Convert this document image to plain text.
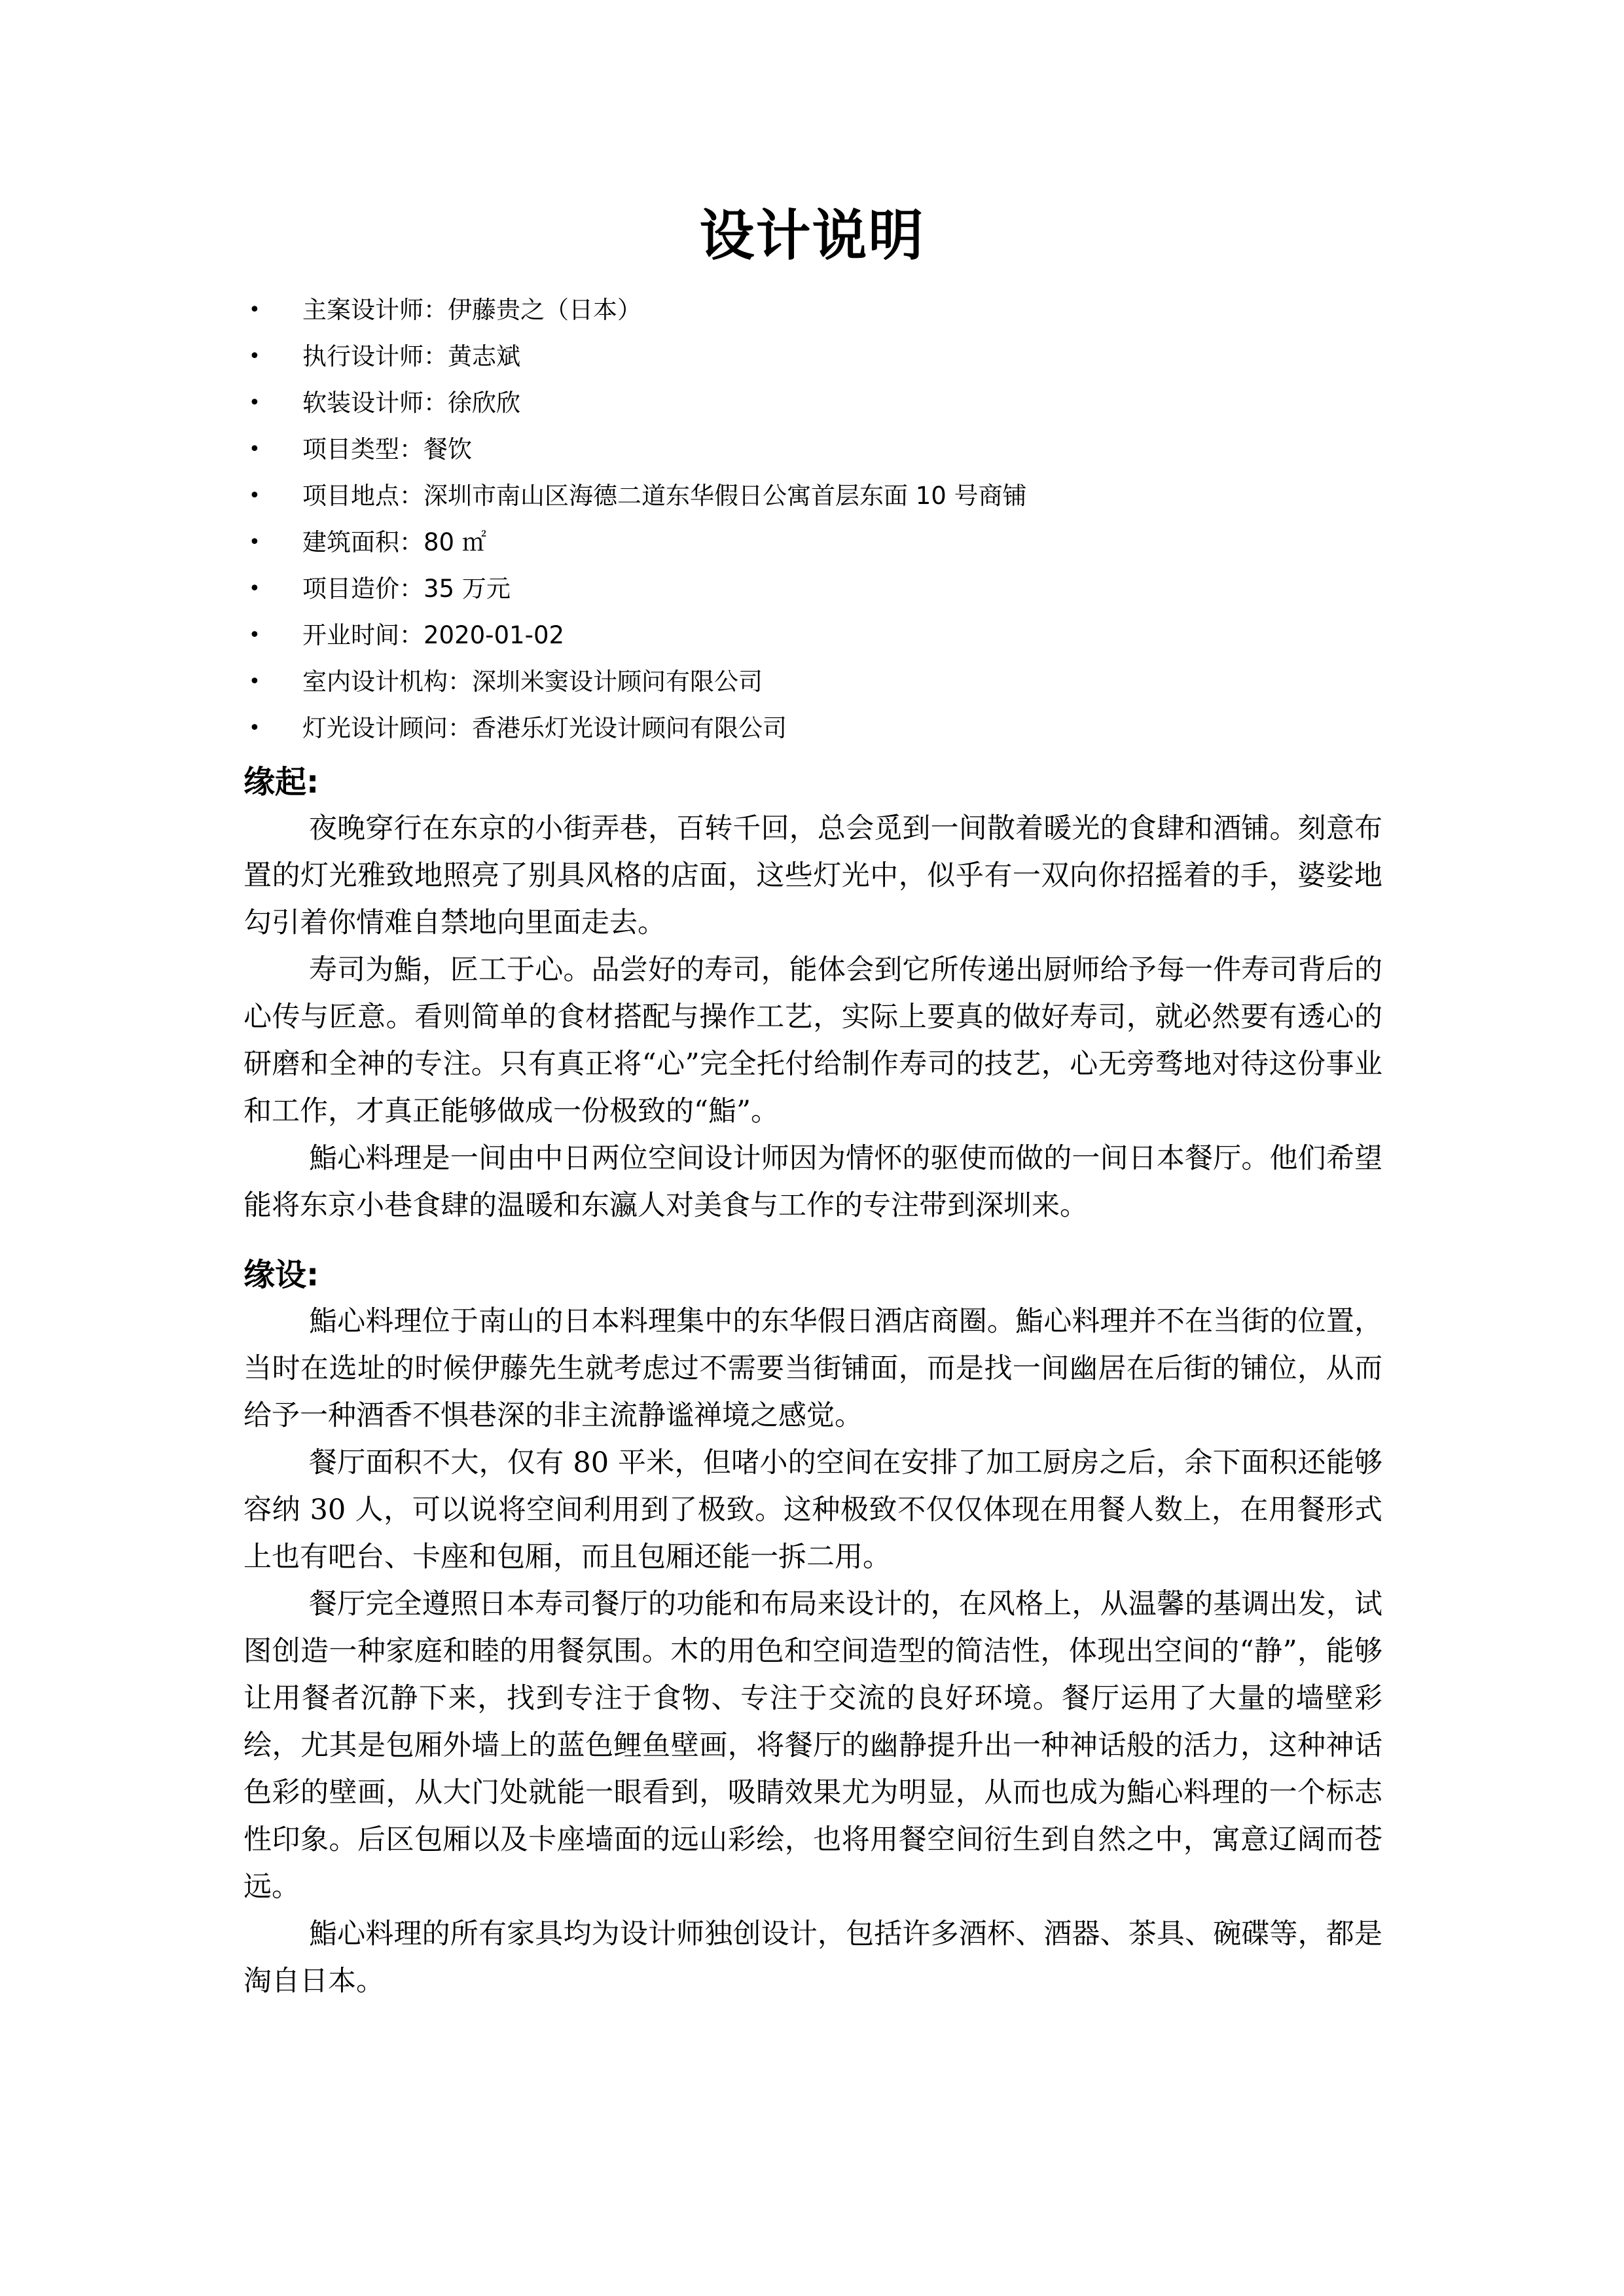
设计说明
• 主案设计师：伊藤贵之（日本）
• 执行设计师：黄志斌
• 软装设计师：徐欣欣
• 项目类型：餐饮
• 项目地点：深圳市南山区海德二道东华假日公寓首层东面 10 号商铺
• 建筑面积：80 ㎡
• 项目造价：35 万元
• 开业时间：2020-01-02
• 室内设计机构：深圳米窦设计顾问有限公司
• 灯光设计顾问：香港乐灯光设计顾问有限公司
缘起:

夜晚穿行在东京的小街弄巷，百转千回，总会觅到一间散着暖光的食肆和酒铺。刻意布置的灯光雅致地照亮了别具风格的店面，这些灯光中，似乎有一双向你招摇着的手，婆娑地勾引着你情难自禁地向里面走去。

寿司为鮨，匠工于心。品尝好的寿司，能体会到它所传递出厨师给予每一件寿司背后的心传与匠意。看则简单的食材搭配与操作工艺，实际上要真的做好寿司，就必然要有透心的研磨和全神的专注。只有真正将“心”完全托付给制作寿司的技艺，心无旁骛地对待这份事业和工作，才真正能够做成一份极致的“鮨”。

鮨心料理是一间由中日两位空间设计师因为情怀的驱使而做的一间日本餐厅。他们希望能将东京小巷食肆的温暖和东瀛人对美食与工作的专注带到深圳来。

缘设:

鮨心料理位于南山的日本料理集中的东华假日酒店商圈。鮨心料理并不在当街的位置，当时在选址的时候伊藤先生就考虑过不需要当街铺面，而是找一间幽居在后街的铺位，从而给予一种酒香不惧巷深的非主流静谧禅境之感觉。

餐厅面积不大，仅有 80 平米，但啫小的空间在安排了加工厨房之后，余下面积还能够容纳 30 人，可以说将空间利用到了极致。这种极致不仅仅体现在用餐人数上，在用餐形式上也有吧台、卡座和包厢，而且包厢还能一拆二用。

餐厅完全遵照日本寿司餐厅的功能和布局来设计的，在风格上，从温馨的基调出发，试图创造一种家庭和睦的用餐氛围。木的用色和空间造型的简洁性，体现出空间的“静”，能够让用餐者沉静下来，找到专注于食物、专注于交流的良好环境。餐厅运用了大量的墙壁彩绘，尤其是包厢外墙上的蓝色鲤鱼壁画，将餐厅的幽静提升出一种神话般的活力，这种神话色彩的壁画，从大门处就能一眼看到，吸睛效果尤为明显，从而也成为鮨心料理的一个标志性印象。后区包厢以及卡座墙面的远山彩绘，也将用餐空间衍生到自然之中，寓意辽阔而苍远。

鮨心料理的所有家具均为设计师独创设计，包括许多酒杯、酒器、茶具、碗碟等，都是淘自日本。
